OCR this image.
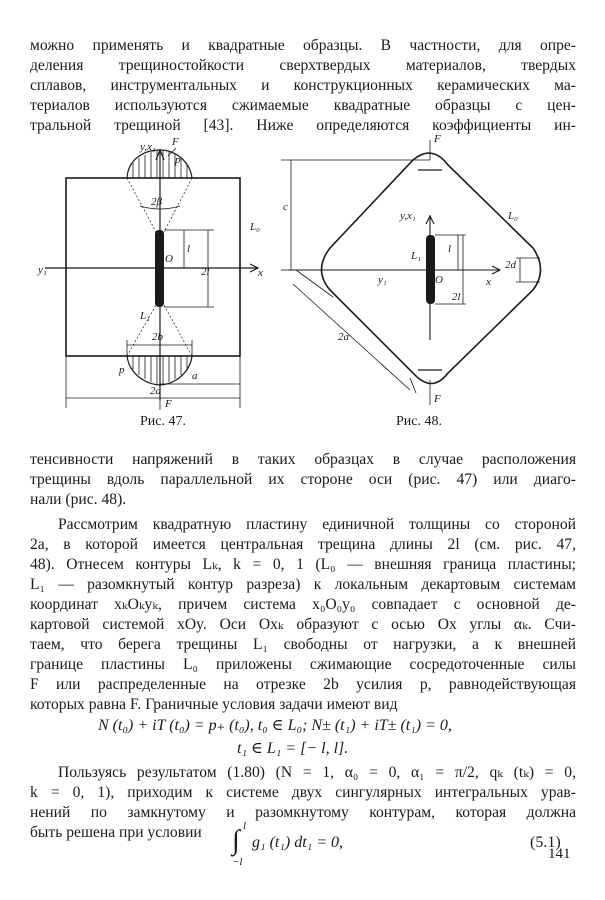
можно применять и квадратные образцы. В частности, для опре-
деления трещиностойкости сверхтвердых материалов, твердых
сплавов, инструментальных и конструкционных керамических ма-
териалов используются сжимаемые квадратные образцы с цен-
тральной трещиной [43]. Ниже определяются коэффициенты ин-
y,x₁ F
p
2β
L₀
L₁
l
O
2l	x
y₁
2b
p	a
2a
F
Рис. 47.
F
c
L₀
y,x₁
L₁
l
O
2l
x
y₁
2d
2a
F
Рис. 48.
тенсивности напряжений в таких образцах в случае расположения
трещины вдоль параллельной их стороне оси (рис. 47) или диаго-
нали (рис. 48).
Рассмотрим квадратную пластину единичной толщины со стороной
2a, в которой имеется центральная трещина длины 2l (см. рис. 47,
48). Отнесем контуры Lₖ, k = 0, 1 (L₀ — внешняя граница пластины;
L₁ — разомкнутый контур разреза) к локальным декартовым системам
координат xₖOₖyₖ, причем система x₀O₀y₀ совпадает с основной де-
картовой системой xOy. Оси Oxₖ образуют с осью Ox углы αₖ. Счи-
таем, что берега трещины L₁ свободны от нагрузки, а к внешней
границе пластины L₀ приложены сжимающие сосредоточенные силы
F или распределенные на отрезке 2b усилия p, равнодействующая
которых равна F. Граничные условия задачи имеют вид
N (t₀) + iT (t₀) = p₊ (t₀), t₀ ∈ L₀; N± (t₁) + iT± (t₁) = 0,
t₁ ∈ L₁ = [− l, l].
Пользуясь результатом (1.80) (N = 1, α₀ = 0, α₁ = π/2, qₖ (tₖ) = 0,
k = 0, 1), приходим к системе двух сингулярных интегральных урав-
нений по замкнутому и разомкнутому контурам, которая должна
быть решена при условии	l
∫
−l
g₁ (t₁) dt₁ = 0,	(5.1)
141
